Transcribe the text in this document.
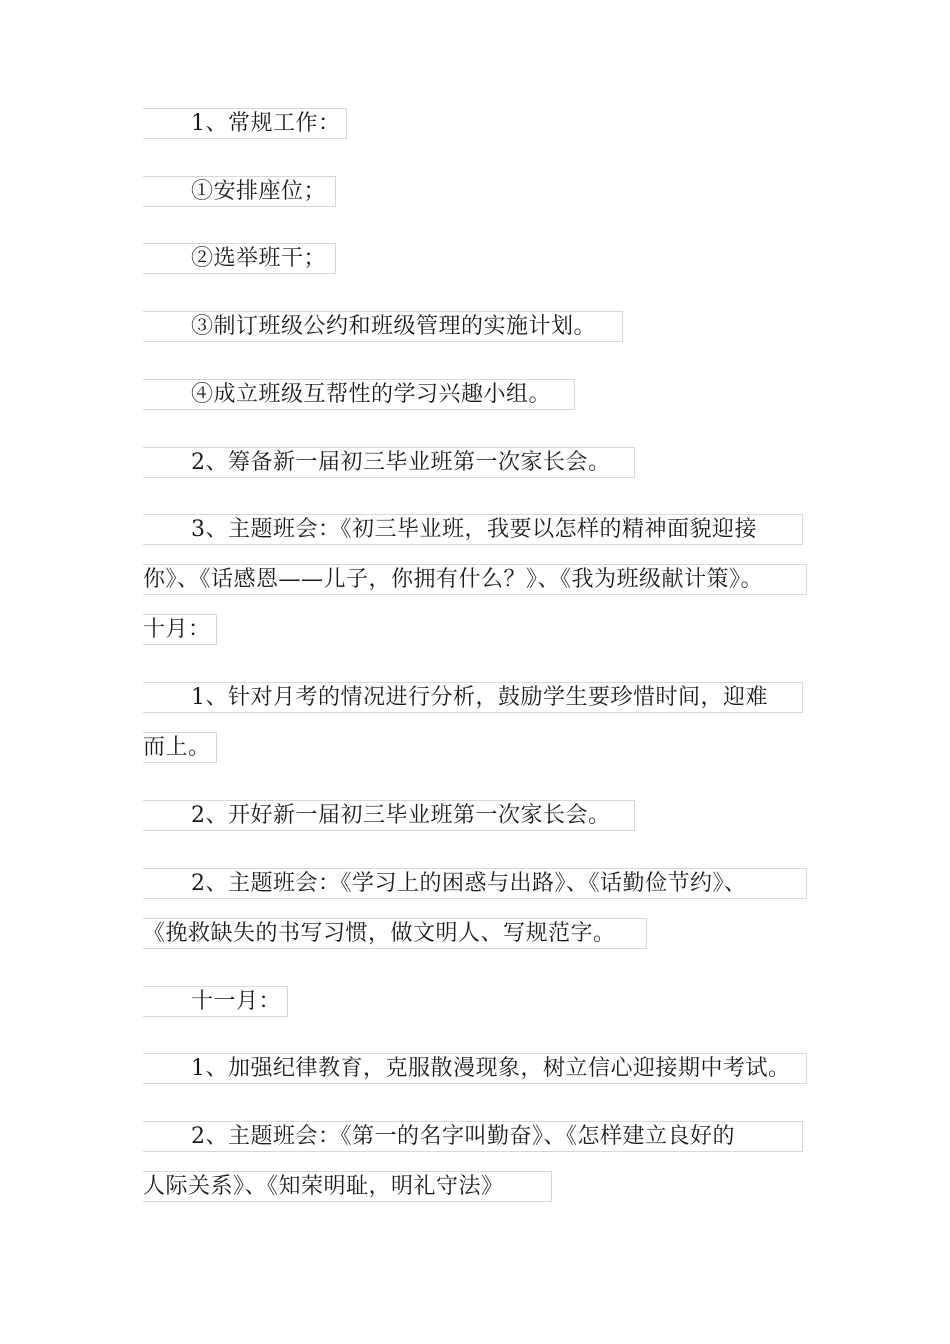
1、常规工作：
①安排座位；
②选举班干；
③制订班级公约和班级管理的实施计划。
④成立班级互帮性的学习兴趣小组。
2、筹备新一届初三毕业班第一次家长会。
3、主题班会：《初三毕业班，我要以怎样的精神面貌迎接
你》、《话感恩——儿子，你拥有什么？》、《我为班级献计策》。
十月：
1、针对月考的情况进行分析，鼓励学生要珍惜时间，迎难
而上。
2、开好新一届初三毕业班第一次家长会。
2、主题班会：《学习上的困惑与出路》、《话勤俭节约》、
《挽救缺失的书写习惯，做文明人、写规范字。
十一月：
1、加强纪律教育，克服散漫现象，树立信心迎接期中考试。
2、主题班会：《第一的名字叫勤奋》、《怎样建立良好的
人际关系》、《知荣明耻，明礼守法》
